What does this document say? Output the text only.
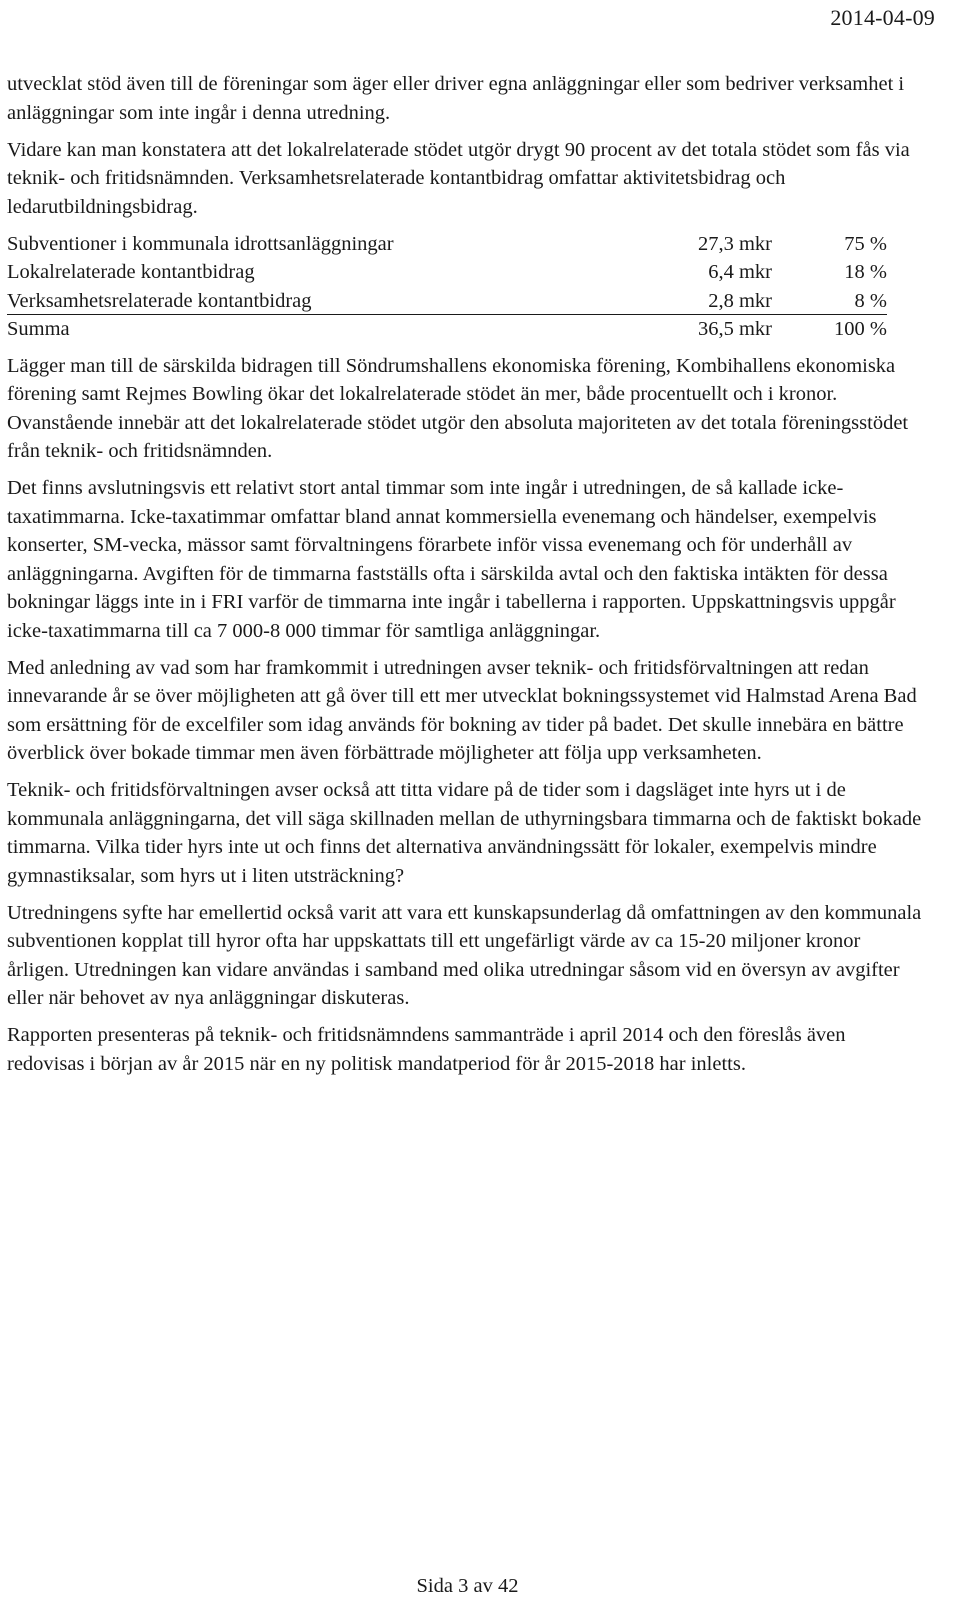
2014-04-09

utvecklat stöd även till de föreningar som äger eller driver egna anläggningar eller som bedriver verksamhet i anläggningar som inte ingår i denna utredning.

Vidare kan man konstatera att det lokalrelaterade stödet utgör drygt 90 procent av det totala stödet som fås via teknik- och fritidsnämnden. Verksamhetsrelaterade kontantbidrag omfattar aktivitetsbidrag och ledarutbildningsbidrag.

Subventioner i kommunala idrottsanläggningar	27,3 mkr	75 %
Lokalrelaterade kontantbidrag	6,4 mkr	18 %
Verksamhetsrelaterade kontantbidrag	2,8 mkr	8 %
Summa	36,5 mkr	100 %

Lägger man till de särskilda bidragen till Söndrumshallens ekonomiska förening, Kombihallens ekonomiska förening samt Rejmes Bowling ökar det lokalrelaterade stödet än mer, både procentuellt och i kronor. Ovanstående innebär att det lokalrelaterade stödet utgör den absoluta majoriteten av det totala föreningsstödet från teknik- och fritidsnämnden.

Det finns avslutningsvis ett relativt stort antal timmar som inte ingår i utredningen, de så kallade icke-taxatimmarna. Icke-taxatimmar omfattar bland annat kommersiella evenemang och händelser, exempelvis konserter, SM-vecka, mässor samt förvaltningens förarbete inför vissa evenemang och för underhåll av anläggningarna. Avgiften för de timmarna fastställs ofta i särskilda avtal och den faktiska intäkten för dessa bokningar läggs inte in i FRI varför de timmarna inte ingår i tabellerna i rapporten. Uppskattningsvis uppgår icke-taxatimmarna till ca 7 000-8 000 timmar för samtliga anläggningar.

Med anledning av vad som har framkommit i utredningen avser teknik- och fritidsförvaltningen att redan innevarande år se över möjligheten att gå över till ett mer utvecklat bokningssystemet vid Halmstad Arena Bad som ersättning för de excelfiler som idag används för bokning av tider på badet. Det skulle innebära en bättre överblick över bokade timmar men även förbättrade möjligheter att följa upp verksamheten.

Teknik- och fritidsförvaltningen avser också att titta vidare på de tider som i dagsläget inte hyrs ut i de kommunala anläggningarna, det vill säga skillnaden mellan de uthyrningsbara timmarna och de faktiskt bokade timmarna. Vilka tider hyrs inte ut och finns det alternativa användningssätt för lokaler, exempelvis mindre gymnastiksalar, som hyrs ut i liten utsträckning?

Utredningens syfte har emellertid också varit att vara ett kunskapsunderlag då omfattningen av den kommunala subventionen kopplat till hyror ofta har uppskattats till ett ungefärligt värde av ca 15-20 miljoner kronor årligen. Utredningen kan vidare användas i samband med olika utredningar såsom vid en översyn av avgifter eller när behovet av nya anläggningar diskuteras.

Rapporten presenteras på teknik- och fritidsnämndens sammanträde i april 2014 och den föreslås även redovisas i början av år 2015 när en ny politisk mandatperiod för år 2015-2018 har inletts.

Sida 3 av 42
